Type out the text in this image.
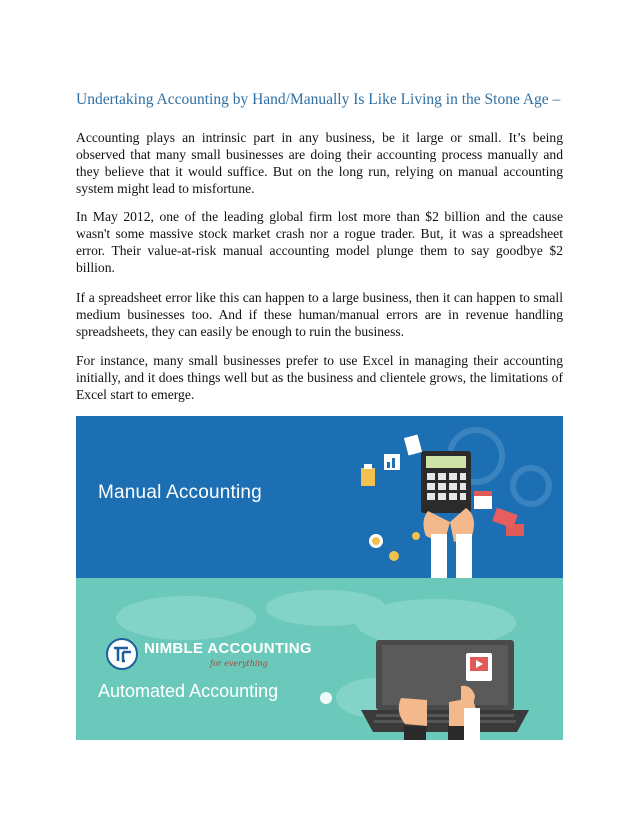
Undertaking Accounting by Hand/Manually Is Like Living in the Stone Age –

Accounting plays an intrinsic part in any business, be it large or small. It’s being observed that many small businesses are doing their accounting process manually and they believe that it would suffice. But on the long run, relying on manual accounting system might lead to misfortune.

In May 2012, one of the leading global firm lost more than $2 billion and the cause wasn't some massive stock market crash nor a rogue trader. But, it was a spreadsheet error. Their value-at-risk manual accounting model plunge them to say goodbye $2 billion.

If a spreadsheet error like this can happen to a large business, then it can happen to small medium businesses too. And if these human/manual errors are in revenue handling spreadsheets, they can easily be enough to ruin the business.

For instance, many small businesses prefer to use Excel in managing their accounting initially, and it does things well but as the business and clientele grows, the limitations of Excel start to emerge.

Manual Accounting
NIMBLE ACCOUNTING
for everything
Automated Accounting
